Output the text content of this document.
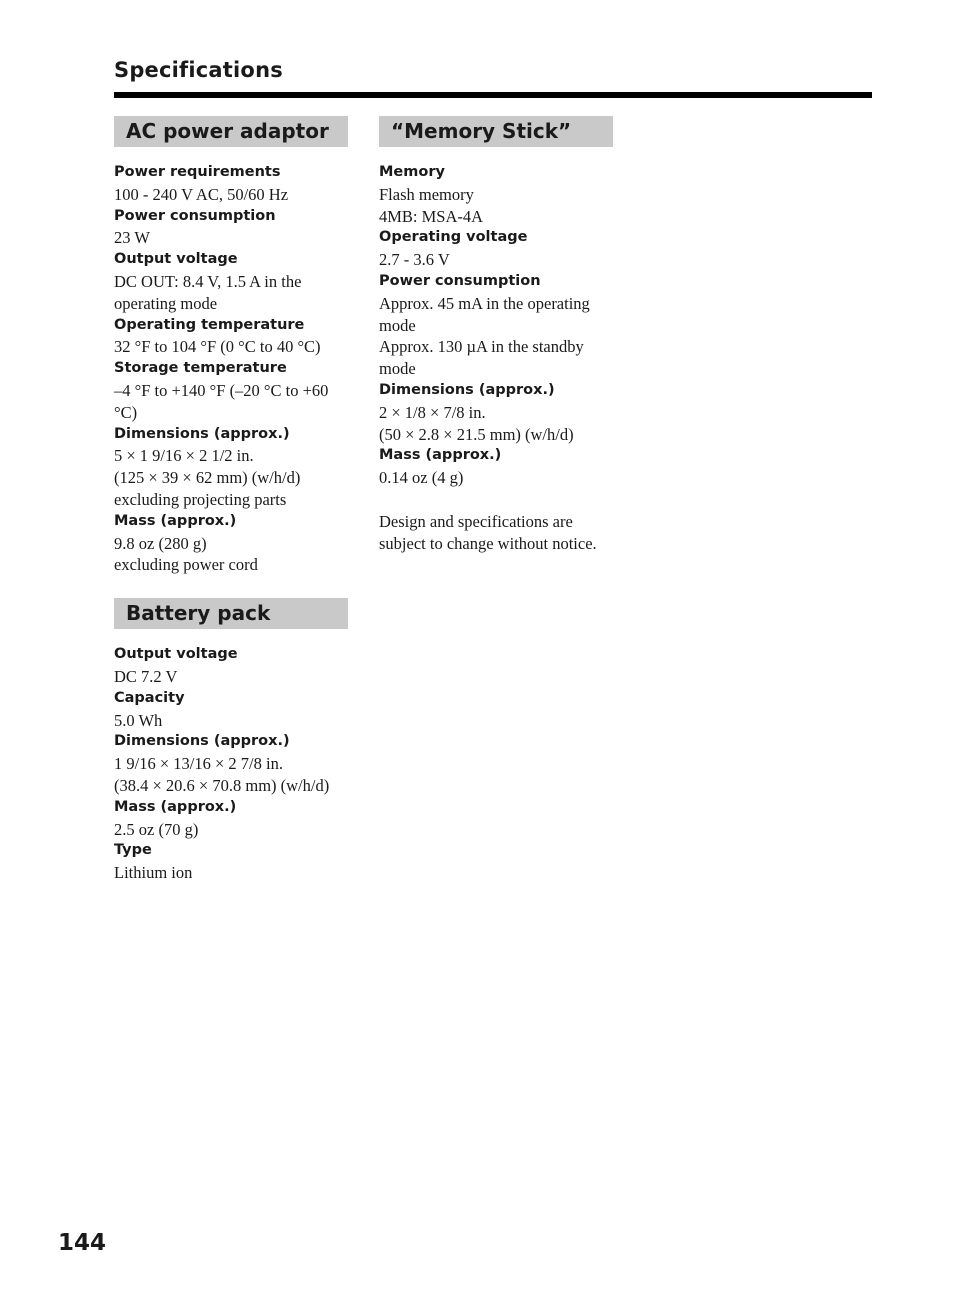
Specifications
AC power adaptor
Power requirements
100 - 240 V AC, 50/60 Hz
Power consumption
23 W
Output voltage
DC OUT: 8.4 V, 1.5 A in the operating mode
Operating temperature
32 °F to 104 °F (0 °C to 40 °C)
Storage temperature
–4 °F to +140 °F (–20 °C to +60 °C)
Dimensions (approx.)
5 × 1 9/16 × 2 1/2 in.
(125 × 39 × 62 mm) (w/h/d)
excluding projecting parts
Mass (approx.)
9.8 oz (280 g)
excluding power cord
Battery pack
Output voltage
DC 7.2 V
Capacity
5.0 Wh
Dimensions (approx.)
1 9/16 × 13/16 × 2 7/8 in.
(38.4 × 20.6 × 70.8 mm) (w/h/d)
Mass (approx.)
2.5 oz (70 g)
Type
Lithium ion
“Memory Stick”
Memory
Flash memory
4MB: MSA-4A
Operating voltage
2.7 - 3.6 V
Power consumption
Approx. 45 mA in the operating mode
Approx. 130 µA in the standby mode
Dimensions (approx.)
2 × 1/8 × 7/8 in.
(50 × 2.8 × 21.5 mm) (w/h/d)
Mass (approx.)
0.14 oz (4 g)
Design and specifications are subject to change without notice.
144
